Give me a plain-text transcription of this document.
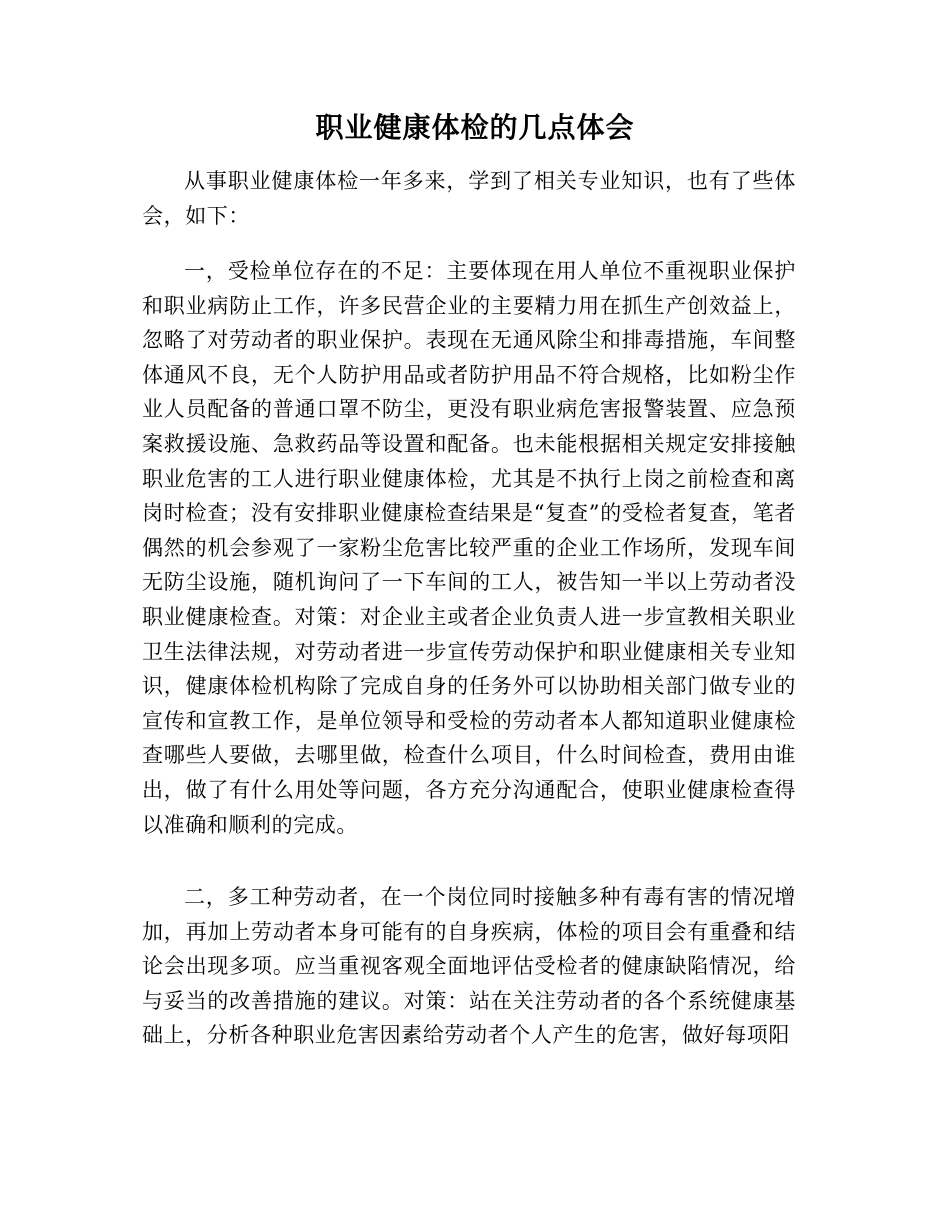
职业健康体检的几点体会

从事职业健康体检一年多来，学到了相关专业知识，也有了些体会，如下：

一，受检单位存在的不足：主要体现在用人单位不重视职业保护和职业病防止工作，许多民营企业的主要精力用在抓生产创效益上，忽略了对劳动者的职业保护。表现在无通风除尘和排毒措施，车间整体通风不良，无个人防护用品或者防护用品不符合规格，比如粉尘作业人员配备的普通口罩不防尘，更没有职业病危害报警装置、应急预案救援设施、急救药品等设置和配备。也未能根据相关规定安排接触职业危害的工人进行职业健康体检，尤其是不执行上岗之前检查和离岗时检查；没有安排职业健康检查结果是“复查”的受检者复查，笔者偶然的机会参观了一家粉尘危害比较严重的企业工作场所，发现车间无防尘设施，随机询问了一下车间的工人，被告知一半以上劳动者没职业健康检查。对策：对企业主或者企业负责人进一步宣教相关职业卫生法律法规，对劳动者进一步宣传劳动保护和职业健康相关专业知识，健康体检机构除了完成自身的任务外可以协助相关部门做专业的宣传和宣教工作，是单位领导和受检的劳动者本人都知道职业健康检查哪些人要做，去哪里做，检查什么项目，什么时间检查，费用由谁出，做了有什么用处等问题，各方充分沟通配合，使职业健康检查得以准确和顺利的完成。

二，多工种劳动者，在一个岗位同时接触多种有毒有害的情况增加，再加上劳动者本身可能有的自身疾病，体检的项目会有重叠和结论会出现多项。应当重视客观全面地评估受检者的健康缺陷情况，给与妥当的改善措施的建议。对策：站在关注劳动者的各个系统健康基础上，分析各种职业危害因素给劳动者个人产生的危害，做好每项阳
